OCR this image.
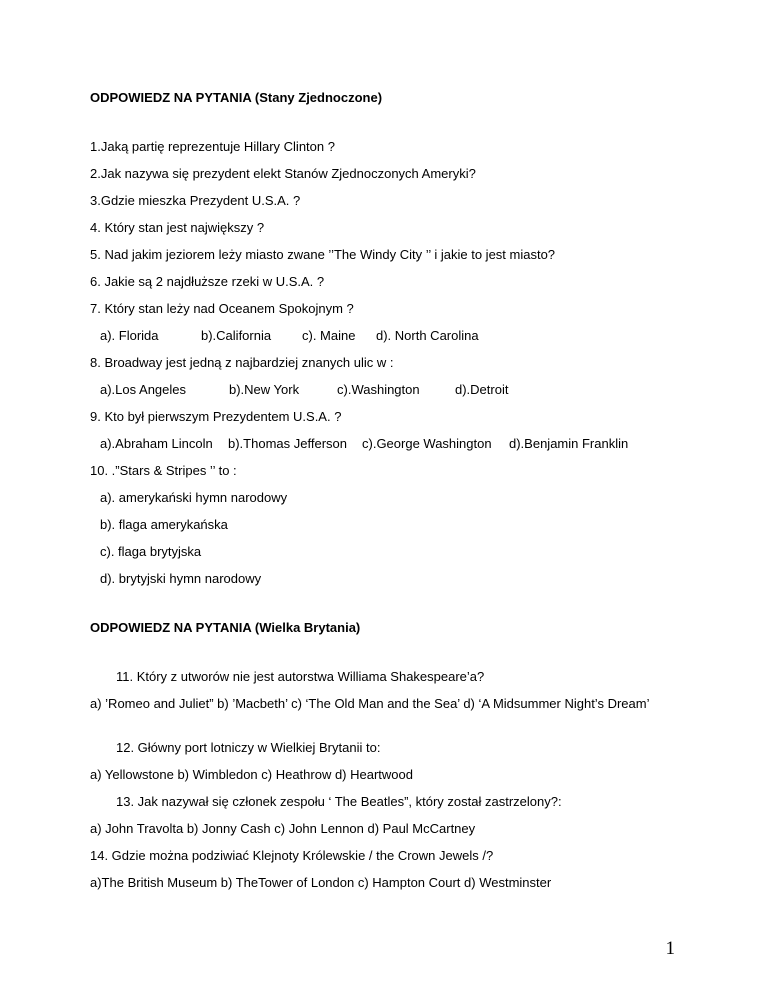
ODPOWIEDZ NA PYTANIA (Stany Zjednoczone)
1.Jaką partię reprezentuje Hillary Clinton ?
2.Jak nazywa się prezydent elekt Stanów Zjednoczonych Ameryki?
3.Gdzie mieszka Prezydent U.S.A. ?
4. Który stan jest największy ?
5. Nad jakim jeziorem leży miasto zwane ’’The Windy City ’’ i jakie to jest miasto?
6. Jakie są 2 najdłuższe rzeki w U.S.A. ?
7. Który stan leży nad Oceanem Spokojnym ?
a). Florida	b).California c). Maine d). North Carolina
8. Broadway jest jedną z najbardziej znanych ulic w :
a).Los Angeles	b).New York	c).Washington	d).Detroit
9. Kto był pierwszym Prezydentem U.S.A. ?
a).Abraham Lincoln b).Thomas Jefferson c).George Washington d).Benjamin Franklin
10. .”Stars & Stripes ’’ to :
a). amerykański hymn narodowy
b). flaga amerykańska
c). flaga brytyjska
d). brytyjski hymn narodowy
ODPOWIEDZ NA PYTANIA (Wielka Brytania)
11. Który z utworów nie jest autorstwa Williama Shakespeare’a?
a) ’Romeo and Juliet” b) ’Macbeth’ c) ‘The Old Man and the Sea’ d) ‘A Midsummer Night’s Dream’
12. Główny port lotniczy w Wielkiej Brytanii to:
a) Yellowstone b) Wimbledon c) Heathrow d) Heartwood
13. Jak nazywał się członek zespołu ‘ The Beatles”, który został zastrzelony?:
a) John Travolta b) Jonny Cash c) John Lennon d) Paul McCartney
14. Gdzie można podziwiać Klejnoty Królewskie / the Crown Jewels /?
a)The British Museum b) TheTower of London c) Hampton Court d) Westminster
1
